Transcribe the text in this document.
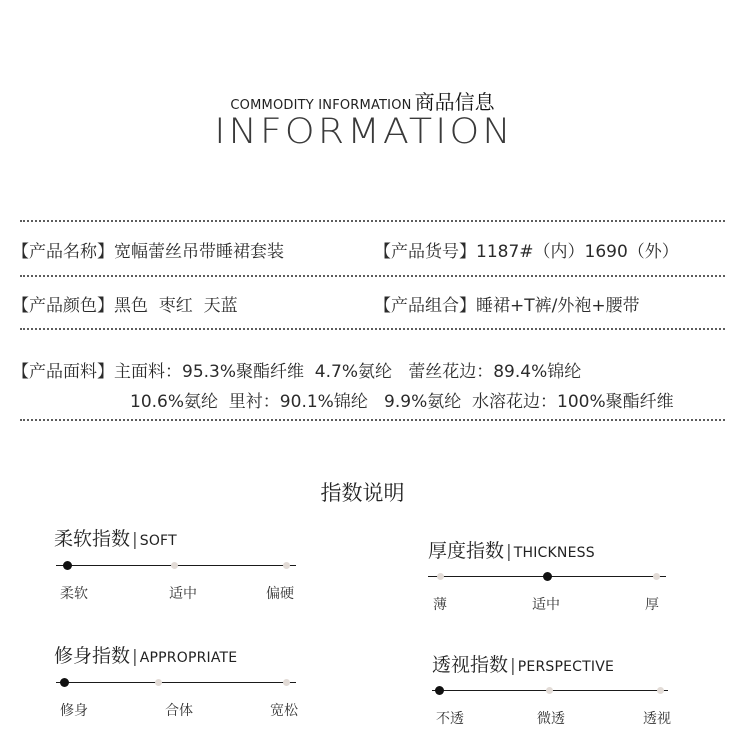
COMMODITY INFORMATION 商品信息
INFORMATION
【产品名称】宽幅蕾丝吊带睡裙套装	【产品货号】1187#（内）1690（外）
【产品颜色】黑色  枣红  天蓝	【产品组合】睡裙+T裤/外袍+腰带
【产品面料】主面料：95.3%聚酯纤维  4.7%氨纶   蕾丝花边：89.4%锦纶
10.6%氨纶  里衬：90.1%锦纶   9.9%氨纶  水溶花边：100%聚酯纤维
指数说明
柔软指数 | SOFT
柔软	适中	偏硬
厚度指数 | THICKNESS
薄	适中	厚
修身指数 | APPROPRIATE
修身	合体	宽松
透视指数 | PERSPECTIVE
不透	微透	透视
